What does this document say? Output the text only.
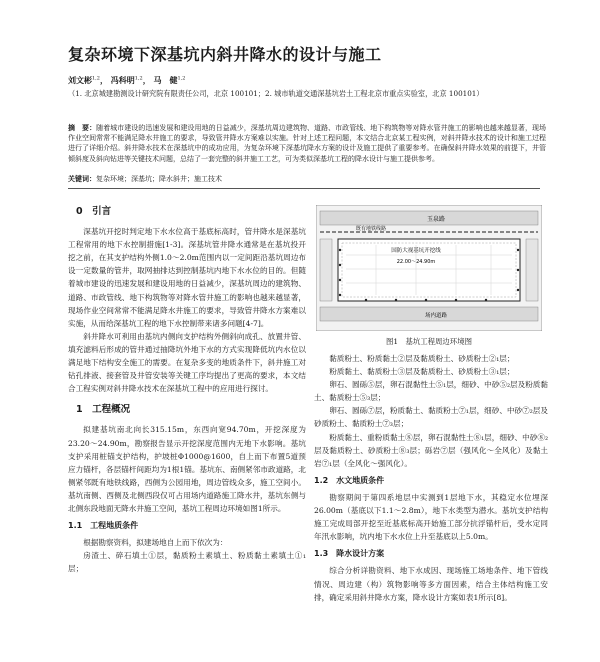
复杂环境下深基坑内斜井降水的设计与施工
刘文彬$^{1,2}$， 冯科明$^{1,2}$， 马　健$^{1,2}$
（1. 北京城建勘测设计研究院有限责任公司，北京 100101；2. 城市轨道交通深基坑岩土工程北京市重点实验室，北京 100101）
摘　要：随着城市建设的迅速发展和建设用地的日益减少，深基坑周边建筑物、道路、市政管线、地下构筑物等对降水管井施工的影响也越来越显著，现场作业空间常常不能满足降水井施工的要求，导致管井降水方案难以实施。针对上述工程问题，本文结合北京某工程实例，对斜井降水技术的设计和施工过程进行了详细介绍。斜井降水技术在深基坑中的成功应用，为复杂环境下深基坑降水方案的设计及施工提供了重要参考。在确保斜井降水效果的前提下，井管倾斜度及斜向钻进等关键技术问题，总结了一套完整的斜井施工工艺，可为类似深基坑工程的降水设计与施工提供参考。
关键词：复杂环境；深基坑；降水斜井；施工技术
0　引言

深基坑开挖时判定地下水水位高于基底标高时，管井降水是深基坑工程常用的地下水控制措施[1-3]。深基坑管井降水通常是在基坑投开挖之前，在其支护结构外侧1.0～2.0m范围内以一定间距沿基坑周边布设一定数量的管井，取网抽排达到控制基坑内地下水水位的目的。但随着城市建设的迅速发展和建设用地的日益减少，深基坑周边的建筑物、道路、市政管线、地下构筑物等对降水管井施工的影响也越来越显著，现场作业空间常常不能满足降水井施工的要求，导致管井降水方案难以实施，从而给深基坑工程的地下水控制带来诸多问题[4-7]。

斜井降水可利用由基坑内侧向支护结构外侧斜向成孔、放置井管、填充滤料后形成的管井通过抽降坑外地下水的方式实现降低坑内水位以满足地下结构安全施工的需要。在复杂多变的地质条件下，斜井施工对钻孔排液、接套管及井管安装等关键工序均提出了更高的要求，本文结合工程实例对斜井降水技术在深基坑工程中的应用进行探讨。

1　工程概况

拟建基坑南北向长315.15m，东西向宽94.70m，开挖深度为23.20～24.90m，勘察报告显示开挖深度范围内无地下水影响。基坑支护采用桩锚支护结构，护坡桩Φ1000@1600，自上而下布置5道预应力锚杆，各层锚杆间距均为1根1锚。基坑东、南侧紧邻市政道路，北侧紧邻既有地铁线路，西侧为公园用地，周边管线众多，施工空间小。基坑南侧、西侧及北侧西段仅可占用场内道路施工降水井，基坑东侧与北侧东段地面无降水井施工空间，基坑工程周边环境如图1所示。

1.1　工程地质条件

根据勘察资料，拟建场地自上而下依次为：

房渣土、碎石填土①层，黏质粉土素填土、粉质黏土素填土①₁层；

玉泉路
既有地铁线路
国防大视基坑开挖线
22.00～24.90m
场内道路
图1　基坑工程周边环境图

黏质粉土、粉质黏土②层及黏质粉土、砂质粉土②₁层；

粉质黏土、黏质粉土③层及黏质粉土、砂质粉土③₁层；

卵石、圆砾⑤层，卵石混黏性土⑤₁层，细砂、中砂⑤₂层及粉质黏土、黏质粉土⑤₃层；

卵石、圆砾⑦层，粉质黏土、黏质粉土⑦₁层，细砂、中砂⑦₂层及砂质粉土、黏质粉土⑦₃层；

粉质黏土、重粉质黏土⑧层，卵石混黏性土⑧₁层，细砂、中砂⑧₂层及黏质粉土、砂质粉土⑧₃层；砾岩⑦层（强风化～全风化）及黏土岩⑦₁层（全风化～强风化）。

1.2　水文地质条件

勘察期间于第四系地层中实测到1层地下水，其稳定水位埋深26.00m（基底以下1.1～2.8m），地下水类型为潜水。基坑支护结构施工完成局部开挖至近基底标高开始施工部分抗浮锚杆后，受水定同年汛水影响，坑内地下水水位上升至基底以上5.0m。

1.3　降水设计方案

综合分析详勘资料、地下水成因、现场施工场地条件、地下管线情况、周边建（构）筑物影响等多方面因素，结合主体结构施工安排，确定采用斜井降水方案，降水设计方案如表1所示[8]。
